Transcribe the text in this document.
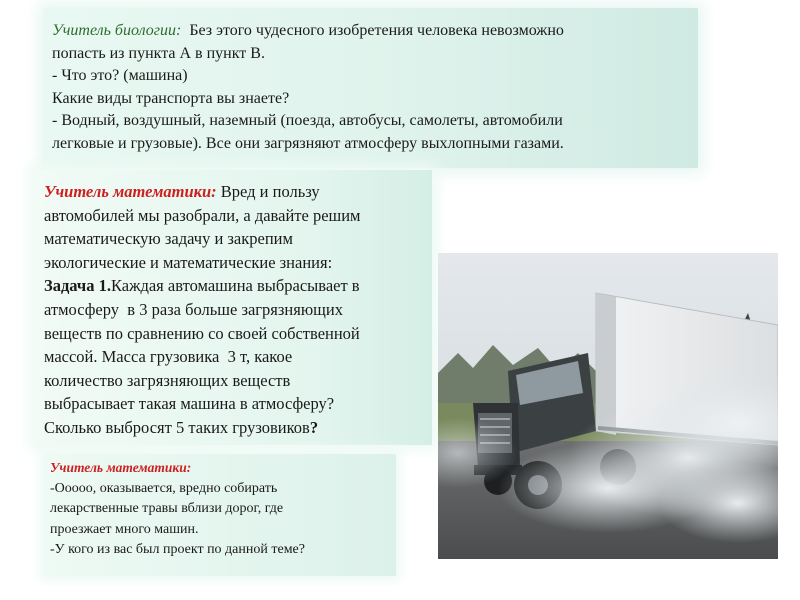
Учитель биологии:  Без этого чудесного изобретения человека невозможно

попасть из пункта А в пункт В.

- Что это? (машина)

Какие виды транспорта вы знаете?

- Водный, воздушный, наземный (поезда, автобусы, самолеты, автомобили

легковые и грузовые). Все они загрязняют атмосферу выхлопными газами.

Учитель математики: Вред и пользу

автомобилей мы разобрали, а давайте решим

математическую задачу и закрепим

экологические и математические знания:

Задача 1.Каждая автомашина выбрасывает в

атмосферу  в 3 раза больше загрязняющих

веществ по сравнению со своей собственной

массой. Масса грузовика  3 т, какое

количество загрязняющих веществ

выбрасывает такая машина в атмосферу?

Сколько выбросят 5 таких грузовиков?

Учитель математики:

-Ооооо, оказывается, вредно собирать

лекарственные травы вблизи дорог, где

проезжает много машин.

-У кого из вас был проект по данной теме?
